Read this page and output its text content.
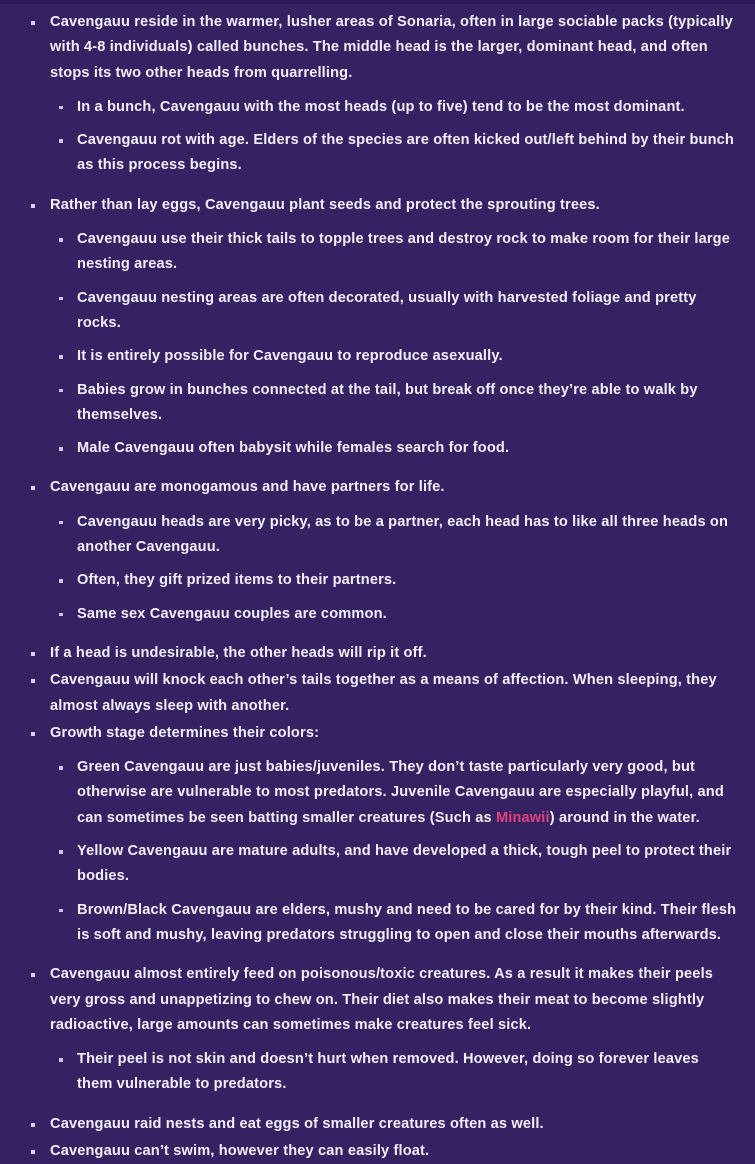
Cavengauu reside in the warmer, lusher areas of Sonaria, often in large sociable packs (typically with 4-8 individuals) called bunches. The middle head is the larger, dominant head, and often stops its two other heads from quarrelling.
In a bunch, Cavengauu with the most heads (up to five) tend to be the most dominant.
Cavengauu rot with age. Elders of the species are often kicked out/left behind by their bunch as this process begins.
Rather than lay eggs, Cavengauu plant seeds and protect the sprouting trees.
Cavengauu use their thick tails to topple trees and destroy rock to make room for their large nesting areas.
Cavengauu nesting areas are often decorated, usually with harvested foliage and pretty rocks.
It is entirely possible for Cavengauu to reproduce asexually.
Babies grow in bunches connected at the tail, but break off once they’re able to walk by themselves.
Male Cavengauu often babysit while females search for food.
Cavengauu are monogamous and have partners for life.
Cavengauu heads are very picky, as to be a partner, each head has to like all three heads on another Cavengauu.
Often, they gift prized items to their partners.
Same sex Cavengauu couples are common.
If a head is undesirable, the other heads will rip it off.
Cavengauu will knock each other’s tails together as a means of affection. When sleeping, they almost always sleep with another.
Growth stage determines their colors:
Green Cavengauu are just babies/juveniles. They don’t taste particularly very good, but otherwise are vulnerable to most predators. Juvenile Cavengauu are especially playful, and can sometimes be seen batting smaller creatures (Such as Minawii) around in the water.
Yellow Cavengauu are mature adults, and have developed a thick, tough peel to protect their bodies.
Brown/Black Cavengauu are elders, mushy and need to be cared for by their kind. Their flesh is soft and mushy, leaving predators struggling to open and close their mouths afterwards.
Cavengauu almost entirely feed on poisonous/toxic creatures. As a result it makes their peels very gross and unappetizing to chew on. Their diet also makes their meat to become slightly radioactive, large amounts can sometimes make creatures feel sick.
Their peel is not skin and doesn’t hurt when removed. However, doing so forever leaves them vulnerable to predators.
Cavengauu raid nests and eat eggs of smaller creatures often as well.
Cavengauu can’t swim, however they can easily float.
